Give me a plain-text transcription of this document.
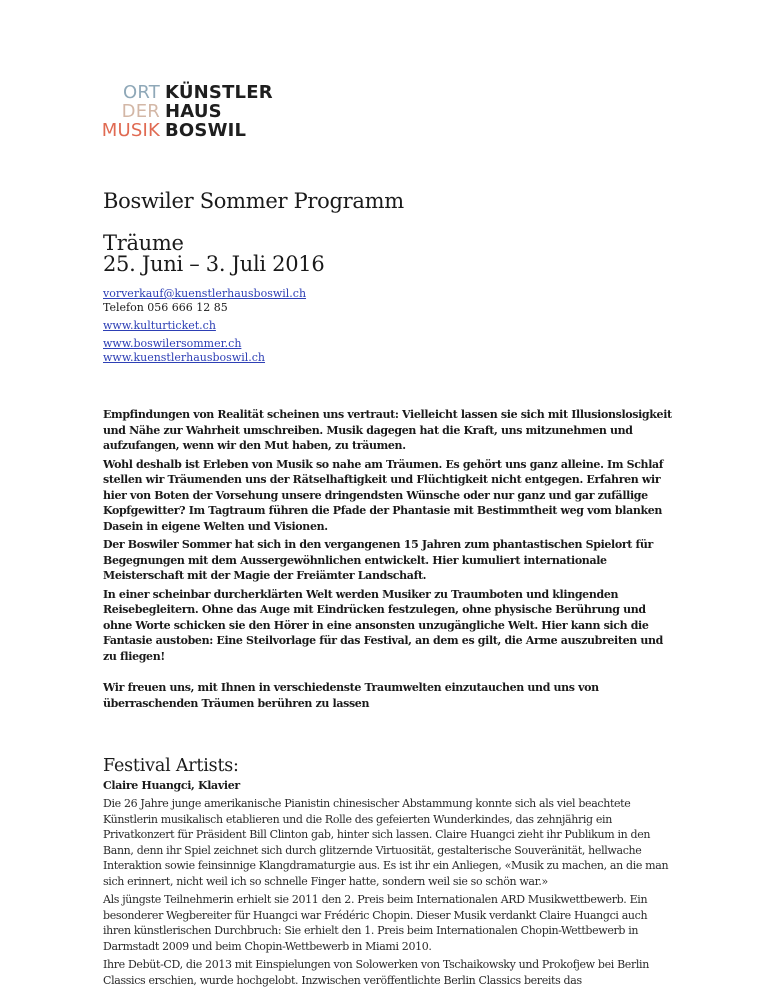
ORT KÜNSTLER
DER HAUS
MUSIK BOSWIL
Boswiler Sommer Programm
Träume
25. Juni – 3. Juli 2016
vorverkauf@kuenstlerhausboswil.ch
Telefon 056 666 12 85
www.kulturticket.ch
www.boswilersommer.ch
www.kuenstlerhausboswil.ch

Empfindungen von Realität scheinen uns vertraut: Vielleicht lassen sie sich mit Illusionslosigkeit und Nähe zur Wahrheit umschreiben. Musik dagegen hat die Kraft, uns mitzunehmen und aufzufangen, wenn wir den Mut haben, zu träumen.

Wohl deshalb ist Erleben von Musik so nahe am Träumen. Es gehört uns ganz alleine. Im Schlaf stellen wir Träumenden uns der Rätselhaftigkeit und Flüchtigkeit nicht entgegen. Erfahren wir hier von Boten der Vorsehung unsere dringendsten Wünsche oder nur ganz und gar zufällige Kopfgewitter? Im Tagtraum führen die Pfade der Phantasie mit Bestimmtheit weg vom blanken Dasein in eigene Welten und Visionen.

Der Boswiler Sommer hat sich in den vergangenen 15 Jahren zum phantastischen Spielort für Begegnungen mit dem Aussergewöhnlichen entwickelt. Hier kumuliert internationale Meisterschaft mit der Magie der Freiämter Landschaft.

In einer scheinbar durcherklärten Welt werden Musiker zu Traumboten und klingenden Reisebegleitern. Ohne das Auge mit Eindrücken festzulegen, ohne physische Berührung und ohne Worte schicken sie den Hörer in eine ansonsten unzugängliche Welt. Hier kann sich die Fantasie austoben: Eine Steilvorlage für das Festival, an dem es gilt, die Arme auszubreiten und zu fliegen!

Wir freuen uns, mit Ihnen in verschiedenste Traumwelten einzutauchen und uns von überraschenden Träumen berühren zu lassen

Festival Artists:
Claire Huangci, Klavier

Die 26 Jahre junge amerikanische Pianistin chinesischer Abstammung konnte sich als viel beachtete Künstlerin musikalisch etablieren und die Rolle des gefeierten Wunderkindes, das zehnjährig ein Privatkonzert für Präsident Bill Clinton gab, hinter sich lassen. Claire Huangci zieht ihr Publikum in den Bann, denn ihr Spiel zeichnet sich durch glitzernde Virtuosität, gestalterische Souveränität, hellwache Interaktion sowie feinsinnige Klangdramaturgie aus. Es ist ihr ein Anliegen, «Musik zu machen, an die man sich erinnert, nicht weil ich so schnelle Finger hatte, sondern weil sie so schön war.»

Als jüngste Teilnehmerin erhielt sie 2011 den 2. Preis beim Internationalen ARD Musikwettbewerb. Ein besonderer Wegbereiter für Huangci war Frédéric Chopin. Dieser Musik verdankt Claire Huangci auch ihren künstlerischen Durchbruch: Sie erhielt den 1. Preis beim Internationalen Chopin-Wettbewerb in Darmstadt 2009 und beim Chopin-Wettbewerb in Miami 2010.

Ihre Debüt-CD, die 2013 mit Einspielungen von Solowerken von Tschaikowsky und Prokofjew bei Berlin Classics erschien, wurde hochgelobt. Inzwischen veröffentlichte Berlin Classics bereits das
